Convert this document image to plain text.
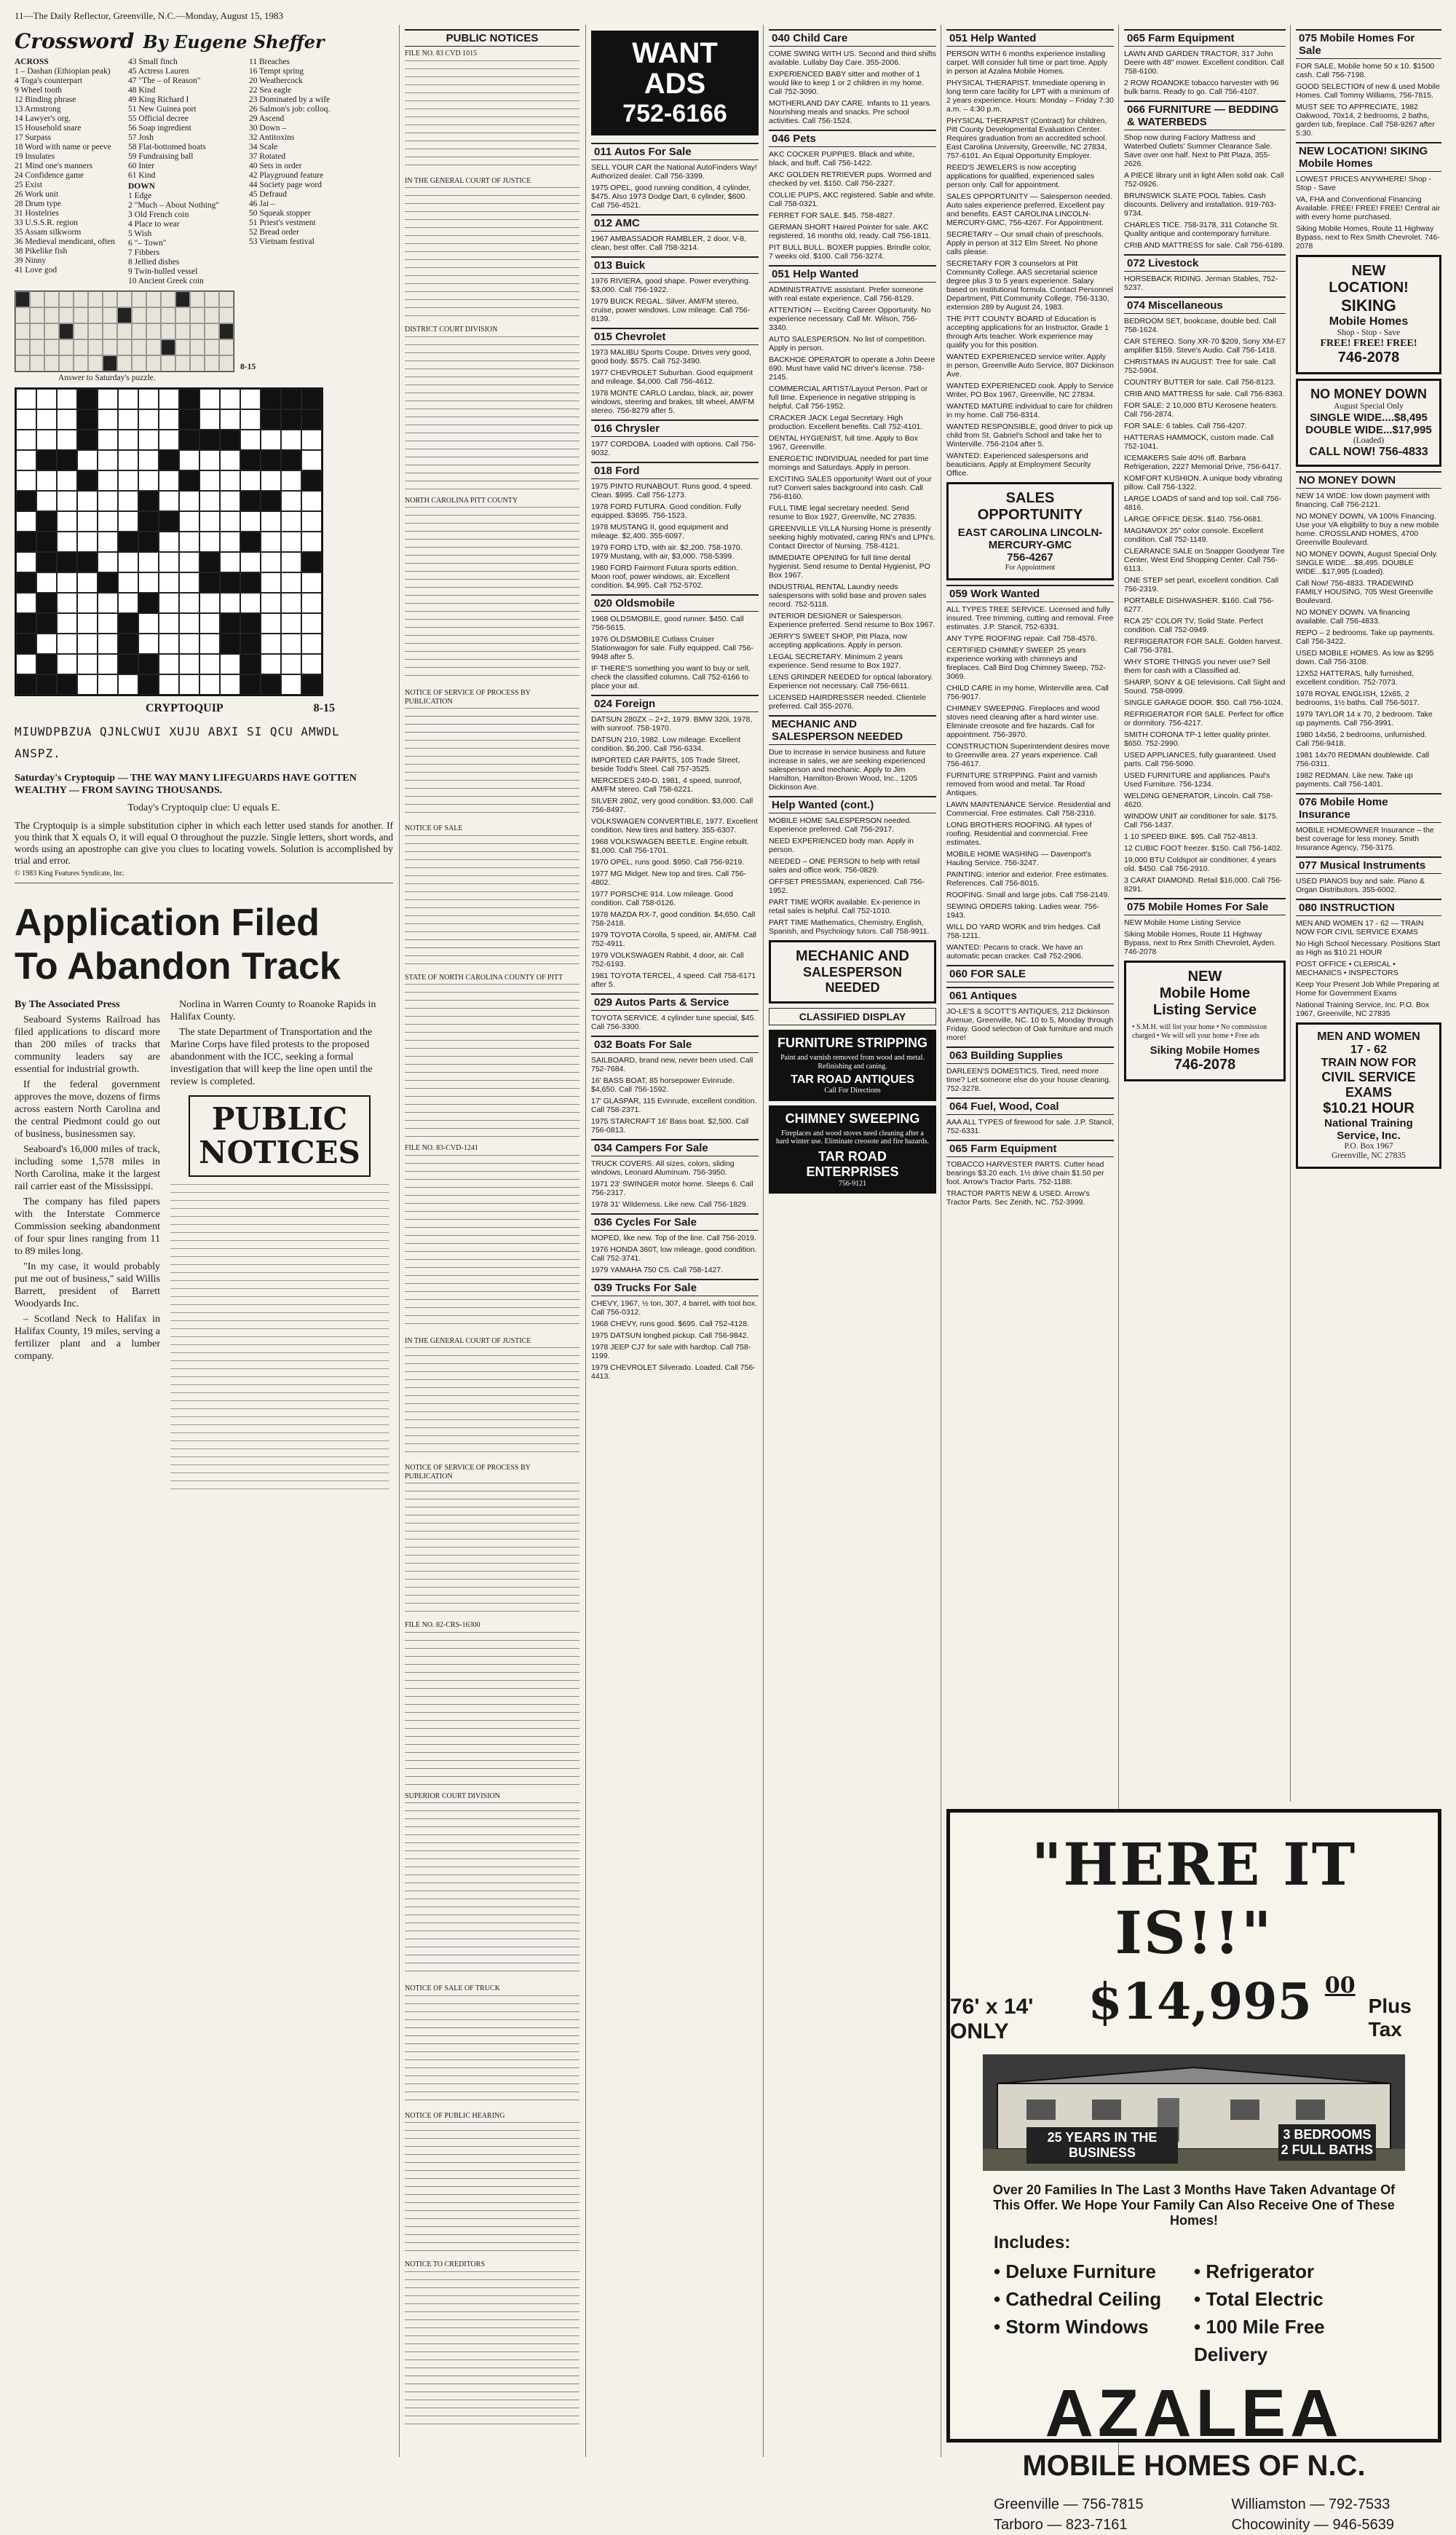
11—The Daily Reflector, Greenville, N.C.—Monday, August 15, 1983
Crossword By Eugene Sheffer
ACROSS
1 – Dashan (Ethiopian peak)
4 Toga's counterpart
9 Wheel tooth
12 Binding phrase
13 Armstrong
14 Lawyer's org.
15 Household snare
17 Surpass
18 Word with name or peeve
19 Insulates
21 Mind one's manners
24 Confidence game
25 Exist
26 Work unit
28 Drum type
31 Hostelries
33 U.S.S.R. region
35 Assam silkworm
36 Medieval mendicant, often
38 Pikelike fish
39 Ninny
41 Love god
43 Small finch
45 Actress Lauren
47 "The – of Reason"
48 Kind
49 King Richard I
51 New Guinea port
55 Official decree
56 Soap ingredient
57 Josh
58 Flat-bottomed boats
59 Fundraising ball
60 Inter
61 Kind
DOWN
1 Edge
2 "Much – About Nothing"
3 Old French coin
4 Place to wear
5 Wish
6 "– Town"
7 Fibbers
8 Jellied dishes
9 Twin-hulled vessel
10 Ancient Greek coin
11 Breaches
16 Tempt spring
20 Weathercock
22 Sea eagle
23 Dominated by a wife
26 Salmon's job: colloq.
29 Ascend
30 Down –
32 Antitoxins
34 Scale
37 Rotated
40 Sets in order
42 Playground feature
44 Society page word
45 Defraud
46 Jai –
50 Squeak stopper
51 Priest's vestment
52 Bread order
53 Vietnam festival
8-15
Answer to Saturday's puzzle.
CRYPTOQUIP	8-15
MIUWDPBZUA QJNLCWUI XUJU ABXI SI QCU AMWDL ANSPZ.
Saturday's Cryptoquip — THE WAY MANY LIFEGUARDS HAVE GOTTEN WEALTHY — FROM SAVING THOUSANDS.
Today's Cryptoquip clue: U equals E.
The Cryptoquip is a simple substitution cipher in which each letter used stands for another. If you think that X equals O, it will equal O throughout the puzzle. Single letters, short words, and words using an apostrophe can give you clues to locating vowels. Solution is accomplished by trial and error.
© 1983 King Features Syndicate, Inc.
Application Filed
To Abandon Track
By The Associated Press

Seaboard Systems Railroad has filed applications to discard more than 200 miles of tracks that community leaders say are essential for industrial growth.

If the federal government approves the move, dozens of firms across eastern North Carolina and the central Piedmont could go out of business, businessmen say.

Seaboard's 16,000 miles of track, including some 1,578 miles in North Carolina, make it the largest rail carrier east of the Mississippi.

The company has filed papers with the Interstate Commerce Commission seeking abandonment of four spur lines ranging from 11 to 89 miles long.

"In my case, it would probably put me out of business," said Willis Barrett, president of Barrett Woodyards Inc.

– Scotland Neck to Halifax in Halifax County, 19 miles, serving a fertilizer plant and a lumber company.

Norlina in Warren County to Roanoke Rapids in Halifax County.

The state Department of Transportation and the Marine Corps have filed protests to the proposed abandonment with the ICC, seeking a formal investigation that will keep the line open until the review is completed.

PUBLIC
NOTICES
PUBLIC NOTICES
FILE NO. 83 CVD 1015
IN THE GENERAL COURT OF JUSTICE
DISTRICT COURT DIVISION
NORTH CAROLINA PITT COUNTY
NOTICE OF SERVICE OF PROCESS BY PUBLICATION
NOTICE OF SALE
STATE OF NORTH CAROLINA COUNTY OF PITT
FILE NO. 83-CVD-1241
IN THE GENERAL COURT OF JUSTICE
NOTICE OF SERVICE OF PROCESS BY PUBLICATION
FILE NO. 82-CRS-16300
SUPERIOR COURT DIVISION
NOTICE OF SALE OF TRUCK
NOTICE OF PUBLIC HEARING
NOTICE TO CREDITORS
WANT
ADS
752-6166
011 Autos For Sale
SELL YOUR CAR the National AutoFinders Way! Authorized dealer. Call 756-3399.
1975 OPEL, good running condition, 4 cylinder, $475. Also 1973 Dodge Dart, 6 cylinder, $600. Call 756-4521.
012 AMC
1967 AMBASSADOR RAMBLER, 2 door, V-8, clean, best offer. Call 758-3214.
013 Buick
1976 RIVIERA, good shape. Power everything. $3,000. Call 756-1922.
1979 BUICK REGAL. Silver. AM/FM stereo, cruise, power windows. Low mileage. Call 756-8139.
015 Chevrolet
1973 MALIBU Sports Coupe. Drives very good, good body. $575. Call 752-3490.
1977 CHEVROLET Suburban. Good equipment and mileage. $4,000. Call 756-4612.
1978 MONTE CARLO Landau, black, air, power windows, steering and brakes, tilt wheel, AM/FM stereo. 756-8279 after 5.
016 Chrysler
1977 CORDOBA. Loaded with options. Call 756-9032.
018 Ford
1975 PINTO RUNABOUT. Runs good, 4 speed. Clean. $995. Call 756-1273.
1978 FORD FUTURA. Good condition. Fully equipped. $3695. 756-1523.
1978 MUSTANG II, good equipment and mileage. $2,400. 355-6097.
1979 FORD LTD, with air. $2,200. 758-1970. 1979 Mustang, with air, $3,000. 758-5399.
1980 FORD Fairmont Futura sports edition. Moon roof, power windows, air. Excellent condition. $4,995. Call 752-5702.
020 Oldsmobile
1968 OLDSMOBILE, good runner. $450. Call 756-5615.
1976 OLDSMOBILE Cutlass Cruiser Stationwagon for sale. Fully equipped. Call 756-9948 after 5.
IF THERE'S something you want to buy or sell, check the classified columns. Call 752-6166 to place your ad.
024 Foreign
DATSUN 280ZX – 2+2, 1979. BMW 320i, 1978, with sunroof. 758-1970.
DATSUN 210, 1982. Low mileage. Excellent condition. $6,200. Call 756-6334.
IMPORTED CAR PARTS, 105 Trade Street, beside Todd's Steel. Call 757-3525.
MERCEDES 240-D, 1981, 4 speed, sunroof, AM/FM stereo. Call 758-6221.
SILVER 280Z, very good condition. $3,000. Call 756-8497.
VOLKSWAGEN CONVERTIBLE, 1977. Excellent condition. New tires and battery. 355-6307.
1968 VOLKSWAGEN BEETLE. Engine rebuilt. $1,000. Call 756-1701.
1970 OPEL, runs good. $950. Call 756-9219.
1977 MG Midget. New top and tires. Call 756-4802.
1977 PORSCHE 914. Low mileage. Good condition. Call 758-0126.
1978 MAZDA RX-7, good condition. $4,650. Call 758-2418.
1979 TOYOTA Corolla, 5 speed, air, AM/FM. Call 752-4911.
1979 VOLKSWAGEN Rabbit, 4 door, air. Call 752-6193.
1981 TOYOTA TERCEL, 4 speed. Call 758-6171 after 5.
029 Autos Parts & Service
TOYOTA SERVICE. 4 cylinder tune special, $45. Call 756-3300.
032 Boats For Sale
SAILBOARD, brand new, never been used. Call 752-7684.
16' BASS BOAT, 85 horsepower Evinrude. $4,650. Call 756-1592.
17' GLASPAR, 115 Evinrude, excellent condition. Call 758-2371.
1975 STARCRAFT 16' Bass boat. $2,500. Call 756-0813.
034 Campers For Sale
TRUCK COVERS. All sizes, colors, sliding windows, Leonard Aluminum. 756-3950.
1971 23' SWINGER motor home. Sleeps 6. Call 756-2317.
1978 31' Wilderness. Like new. Call 756-1829.
036 Cycles For Sale
MOPED, like new. Top of the line. Call 756-2019.
1976 HONDA 360T, low mileage, good condition. Call 752-3741.
1979 YAMAHA 750 CS. Call 758-1427.
039 Trucks For Sale
CHEVY, 1967, ½ ton, 307, 4 barrel, with tool box. Call 756-0312.
1968 CHEVY, runs good. $695. Call 752-4128.
1975 DATSUN longbed pickup. Call 756-9842.
1978 JEEP CJ7 for sale with hardtop. Call 758-1199.
1979 CHEVROLET Silverado. Loaded. Call 756-4413.
040 Child Care
COME SWING WITH US. Second and third shifts available. Lullaby Day Care. 355-2006.
EXPERIENCED BABY sitter and mother of 1 would like to keep 1 or 2 children in my home. Call 752-3090.
MOTHERLAND DAY CARE. Infants to 11 years. Nourishing meals and snacks. Pre school activities. Call 756-1524.
046 Pets
AKC COCKER PUPPIES. Black and white, black, and buff. Call 756-1422.
AKC GOLDEN RETRIEVER pups. Wormed and checked by vet. $150. Call 756-2327.
COLLIE PUPS, AKC registered. Sable and white. Call 758-0321.
FERRET FOR SALE. $45. 758-4827.
GERMAN SHORT Haired Pointer for sale. AKC registered, 16 months old, ready. Call 756-1811.
PIT BULL BULL. BOXER puppies. Brindle color, 7 weeks old. $100. Call 756-3274.
051 Help Wanted
ADMINISTRATIVE assistant. Prefer someone with real estate experience. Call 756-8129.
ATTENTION — Exciting Career Opportunity. No experience necessary. Call Mr. Wilson, 756-3340.
AUTO SALESPERSON. No list of competition. Apply in person.
BACKHOE OPERATOR to operate a John Deere 690. Must have valid NC driver's license. 758-2145.
COMMERCIAL ARTIST/Layout Person. Part or full time. Experience in negative stripping is helpful. Call 756-1952.
CRACKER JACK Legal Secretary. High production. Excellent benefits. Call 752-4101.
DENTAL HYGIENIST, full time. Apply to Box 1967, Greenville.
ENERGETIC INDIVIDUAL needed for part time mornings and Saturdays. Apply in person.
EXCITING SALES opportunity! Want out of your rut? Convert sales background into cash. Call 756-8160.
FULL TIME legal secretary needed. Send resume to Box 1927, Greenville, NC 27835.
GREENVILLE VILLA Nursing Home is presently seeking highly motivated, caring RN's and LPN's. Contact Director of Nursing. 758-4121.
IMMEDIATE OPENING for full time dental hygienist. Send resume to Dental Hygienist, PO Box 1967.
INDUSTRIAL RENTAL Laundry needs salespersons with solid base and proven sales record. 752-5118.
INTERIOR DESIGNER or Salesperson. Experience preferred. Send resume to Box 1967.
JERRY'S SWEET SHOP, Pitt Plaza, now accepting applications. Apply in person.
LEGAL SECRETARY. Minimum 2 years experience. Send resume to Box 1927.
LENS GRINDER NEEDED for optical laboratory. Experience not necessary. Call 756-6611.
LICENSED HAIRDRESSER needed. Clientele preferred. Call 355-2076.
MECHANIC AND SALESPERSON NEEDED
Due to increase in service business and future increase in sales, we are seeking experienced salesperson and mechanic. Apply to Jim Hamilton, Hamilton-Brown Wood, Inc., 1205 Dickinson Ave.
Help Wanted (cont.)
MOBILE HOME SALESPERSON needed. Experience preferred. Call 756-2917.
NEED EXPERIENCED body man. Apply in person.
NEEDED – ONE PERSON to help with retail sales and office work. 756-0829.
OFFSET PRESSMAN, experienced. Call 756-1952.
PART TIME WORK available. Ex-perience in retail sales is helpful. Call 752-1010.
PART TIME Mathematics, Chemistry, English, Spanish, and Psychology tutors. Call 758-9911.
MECHANIC AND
SALESPERSON NEEDED
CLASSIFIED DISPLAY
FURNITURE STRIPPING
Paint and varnish removed from wood and metal. Refinishing and caning.
TAR ROAD ANTIQUES
Call For Directions
CHIMNEY SWEEPING
Fireplaces and wood stoves need cleaning after a hard winter use. Eliminate creosote and fire hazards.
TAR ROAD
ENTERPRISES
756-9121
051 Help Wanted
PERSON WITH 6 months experience installing carpet. Will consider full time or part time. Apply in person at Azalea Mobile Homes.
PHYSICAL THERAPIST. Immediate opening in long term care facility for LPT with a minimum of 2 years experience. Hours: Monday – Friday 7:30 a.m. – 4:30 p.m.
PHYSICAL THERAPIST (Contract) for children, Pitt County Developmental Evaluation Center. Requires graduation from an accredited school. East Carolina University, Greenville, NC 27834, 757-6101. An Equal Opportunity Employer.
REED'S JEWELERS is now accepting applications for qualified, experienced sales person only. Call for appointment.
SALES OPPORTUNITY — Salesperson needed. Auto sales experience preferred. Excellent pay and benefits. EAST CAROLINA LINCOLN-MERCURY-GMC, 756-4267. For Appointment.
SECRETARY – Our small chain of preschools. Apply in person at 312 Elm Street. No phone calls please.
SECRETARY FOR 3 counselors at Pitt Community College. AAS secretarial science degree plus 3 to 5 years experience. Salary based on institutional formula. Contact Personnel Department, Pitt Community College, 756-3130, extension 289 by August 24, 1983.
THE PITT COUNTY BOARD of Education is accepting applications for an Instructor, Grade 1 through Arts teacher. Work experience may qualify you for this position.
WANTED EXPERIENCED service writer. Apply in person, Greenville Auto Service, 807 Dickinson Ave.
WANTED EXPERIENCED cook. Apply to Service Writer, PO Box 1967, Greenville, NC 27834.
WANTED MATURE individual to care for children in my home. Call 756-8314.
WANTED RESPONSIBLE, good driver to pick up child from St. Gabriel's School and take her to Winterville. 756-2104 after 5.
WANTED: Experienced salespersons and beauticians. Apply at Employment Security Office.
SALES OPPORTUNITY
EAST CAROLINA LINCOLN-MERCURY-GMC
756-4267
For Appointment
059 Work Wanted
ALL TYPES TREE SERVICE. Licensed and fully insured. Tree trimming, cutting and removal. Free estimates. J.P. Stancil, 752-6331.
ANY TYPE ROOFING repair. Call 758-4576.
CERTIFIED CHIMNEY SWEEP. 25 years experience working with chimneys and fireplaces. Call Bird Dog Chimney Sweep, 752-3069.
CHILD CARE in my home, Winterville area. Call 756-9017.
CHIMNEY SWEEPING. Fireplaces and wood stoves need cleaning after a hard winter use. Eliminate creosote and fire hazards. Call for appointment. 756-3970.
CONSTRUCTION Superintendent desires move to Greenville area. 27 years experience. Call 756-4617.
FURNITURE STRIPPING. Paint and varnish removed from wood and metal. Tar Road Antiques.
LAWN MAINTENANCE Service. Residential and Commercial. Free estimates. Call 758-2316.
LONG BROTHERS ROOFING. All types of roofing. Residential and commercial. Free estimates.
MOBILE HOME WASHING — Davenport's Hauling Service. 756-3247.
PAINTING: interior and exterior. Free estimates. References. Call 756-8015.
ROOFING. Small and large jobs. Call 758-2149.
SEWING ORDERS taking. Ladies wear. 756-1943.
WILL DO YARD WORK and trim hedges. Call 758-1211.
WANTED: Pecans to crack. We have an automatic pecan cracker. Call 752-2906.
060 FOR SALE
061 Antiques
JO-LE'S & SCOTT'S ANTIQUES, 212 Dickinson Avenue, Greenville, NC. 10 to 5, Monday through Friday. Good selection of Oak furniture and much more!
063 Building Supplies
DARLEEN'S DOMESTICS. Tired, need more time? Let someone else do your house cleaning. 752-3278.
064 Fuel, Wood, Coal
AAA ALL TYPES of firewood for sale. J.P. Stancil, 752-6331.
065 Farm Equipment
TOBACCO HARVESTER PARTS. Cutter head bearings $3.20 each. 1½ drive chain $1.50 per foot. Arrow's Tractor Parts. 752-1188.
TRACTOR PARTS NEW & USED. Arrow's Tractor Parts. Sec Zenith, NC. 752-3999.
065 Farm Equipment
LAWN AND GARDEN TRACTOR, 317 John Deere with 48" mower. Excellent condition. Call 758-6100.
2 ROW ROANOKE tobacco harvester with 96 bulk barns. Ready to go. Call 756-4107.
066 FURNITURE — BEDDING & WATERBEDS
Shop now during Factory Mattress and Waterbed Outlets' Summer Clearance Sale. Save over one half. Next to Pitt Plaza, 355-2626.
A PIECE library unit in light Allen solid oak. Call 752-0926.
BRUNSWICK SLATE POOL Tables. Cash discounts. Delivery and installation. 919-763-9734.
CHARLES TICE. 758-3178, 311 Cotanche St. Quality antique and contemporary furniture.
CRIB AND MATTRESS for sale. Call 756-6189.
072 Livestock
HORSEBACK RIDING. Jerman Stables, 752-5237.
074 Miscellaneous
BEDROOM SET, bookcase, double bed. Call 758-1624.
CAR STEREO. Sony XR-70 $209, Sony XM-E7 amplifier $159. Steve's Audio. Call 756-1418.
CHRISTMAS IN AUGUST: Tree for sale. Call 752-5904.
COUNTRY BUTTER for sale. Call 756-8123.
CRIB AND MATTRESS for sale. Call 756-8363.
FOR SALE: 2 10,000 BTU Kerosene heaters. Call 756-2874.
FOR SALE: 6 tables. Call 756-4207.
HATTERAS HAMMOCK, custom made. Call 752-1041.
ICEMAKERS Sale 40% off. Barbara Refrigeration, 2227 Memorial Drive, 756-6417.
KOMFORT KUSHION. A unique body vibrating pillow. Call 756-1322.
LARGE LOADS of sand and top soil. Call 756-4816.
LARGE OFFICE DESK. $140. 756-0681.
MAGNAVOX 25" color console. Excellent condition. Call 752-1149.
CLEARANCE SALE on Snapper Goodyear Tire Center, West End Shopping Center. Call 756-6113.
ONE STEP set pearl, excellent condition. Call 756-2319.
PORTABLE DISHWASHER. $160. Call 756-6277.
RCA 25" COLOR TV, Solid State. Perfect condition. Call 752-0949.
REFRIGERATOR FOR SALE. Golden harvest. Call 756-3781.
WHY STORE THINGS you never use? Sell them for cash with a Classified ad.
SHARP, SONY & GE televisions. Call Sight and Sound. 758-0999.
SINGLE GARAGE DOOR. $50. Call 756-1024.
REFRIGERATOR FOR SALE. Perfect for office or dormitory. 756-4217.
SMITH CORONA TP-1 letter quality printer. $650. 752-2990.
USED APPLIANCES, fully guaranteed. Used parts. Call 756-5090.
USED FURNITURE and appliances. Paul's Used Furniture. 756-1234.
WELDING GENERATOR, Lincoln. Call 758-4620.
WINDOW UNIT air conditioner for sale. $175. Call 756-1437.
1 10 SPEED BIKE. $95. Call 752-4813.
12 CUBIC FOOT freezer. $150. Call 756-1402.
19,000 BTU Coldspot air conditioner, 4 years old. $450. Call 756-2910.
3 CARAT DIAMOND. Retail $16,000. Call 756-8291.
075 Mobile Homes For Sale
NEW Mobile Home Listing Service
Siking Mobile Homes, Route 11 Highway Bypass, next to Rex Smith Chevrolet, Ayden. 746-2078
NEW
Mobile Home
Listing Service
• S.M.H. will list your home • No commission charged • We will sell your home • Free ads
Siking Mobile Homes
746-2078
075 Mobile Homes For Sale
FOR SALE, Mobile home 50 x 10. $1500 cash. Call 756-7198.
GOOD SELECTION of new & used Mobile Homes. Call Tommy Williams, 756-7815.
MUST SEE TO APPRECIATE, 1982 Oakwood, 70x14, 2 bedrooms, 2 baths, garden tub, fireplace. Call 758-9267 after 5:30.
NEW LOCATION! SIKING Mobile Homes
LOWEST PRICES ANYWHERE! Shop - Stop - Save
VA, FHA and Conventional Financing Available. FREE! FREE! FREE! Central air with every home purchased.
Siking Mobile Homes, Route 11 Highway Bypass, next to Rex Smith Chevrolet. 746-2078
NEW
LOCATION!
SIKING
Mobile Homes
Shop - Stop - Save
FREE! FREE! FREE!
746-2078
NO MONEY DOWN
August Special Only
SINGLE WIDE....$8,495
DOUBLE WIDE...$17,995
(Loaded)
CALL NOW! 756-4833
NO MONEY DOWN
NEW 14 WIDE: low down payment with financing. Call 756-2121.
NO MONEY DOWN, VA 100% Financing. Use your VA eligibility to buy a new mobile home. CROSSLAND HOMES, 4700 Greenville Boulevard.
NO MONEY DOWN, August Special Only. SINGLE WIDE....$8,495. DOUBLE WIDE...$17,995 (Loaded).
Call Now! 756-4833. TRADEWIND FAMILY HOUSING, 705 West Greenville Boulevard.
NO MONEY DOWN. VA financing available. Call 756-4833.
REPO – 2 bedrooms. Take up payments. Call 756-3422.
USED MOBILE HOMES. As low as $295 down. Call 756-3108.
12X52 HATTERAS, fully furnished, excellent condition. 752-7073.
1978 ROYAL ENGLISH, 12x65, 2 bedrooms, 1½ baths. Call 756-5017.
1979 TAYLOR 14 x 70, 2 bedroom. Take up payments. Call 756-3991.
1980 14x56, 2 bedrooms, unfurnished. Call 756-9418.
1981 14x70 REDMAN doublewide. Call 756-0311.
1982 REDMAN. Like new. Take up payments. Call 756-1401.
076 Mobile Home Insurance
MOBILE HOMEOWNER Insurance – the best coverage for less money. Smith Insurance Agency, 756-3175.
077 Musical Instruments
USED PIANOS buy and sale. Piano & Organ Distributors. 355-6002.
080 INSTRUCTION
MEN AND WOMEN 17 - 62 — TRAIN NOW FOR CIVIL SERVICE EXAMS
No High School Necessary. Positions Start as High as $10.21 HOUR
POST OFFICE • CLERICAL • MECHANICS • INSPECTORS
Keep Your Present Job While Preparing at Home for Government Exams
National Training Service, Inc. P.O. Box 1967, Greenville, NC 27835
MEN AND WOMEN
17 - 62
TRAIN NOW FOR
CIVIL SERVICE
EXAMS
$10.21 HOUR
National Training Service, Inc.
P.O. Box 1967
Greenville, NC 27835
"HERE IT IS!!"
76' x 14' ONLY
$14,995 00
Plus Tax
25 YEARS IN THE BUSINESS
3 BEDROOMS
2 FULL BATHS
Over 20 Families In The Last 3 Months Have Taken Advantage Of This Offer. We Hope Your Family Can Also Receive One of These Homes!
Includes:
• Deluxe Furniture	• Refrigerator
• Cathedral Ceiling	• Total Electric
• Storm Windows	• 100 Mile Free Delivery
AZALEA
MOBILE HOMES OF N.C.
Greenville — 756-7815
Tarboro — 823-7161
Williamston — 792-7533
Chocowinity — 946-5639
